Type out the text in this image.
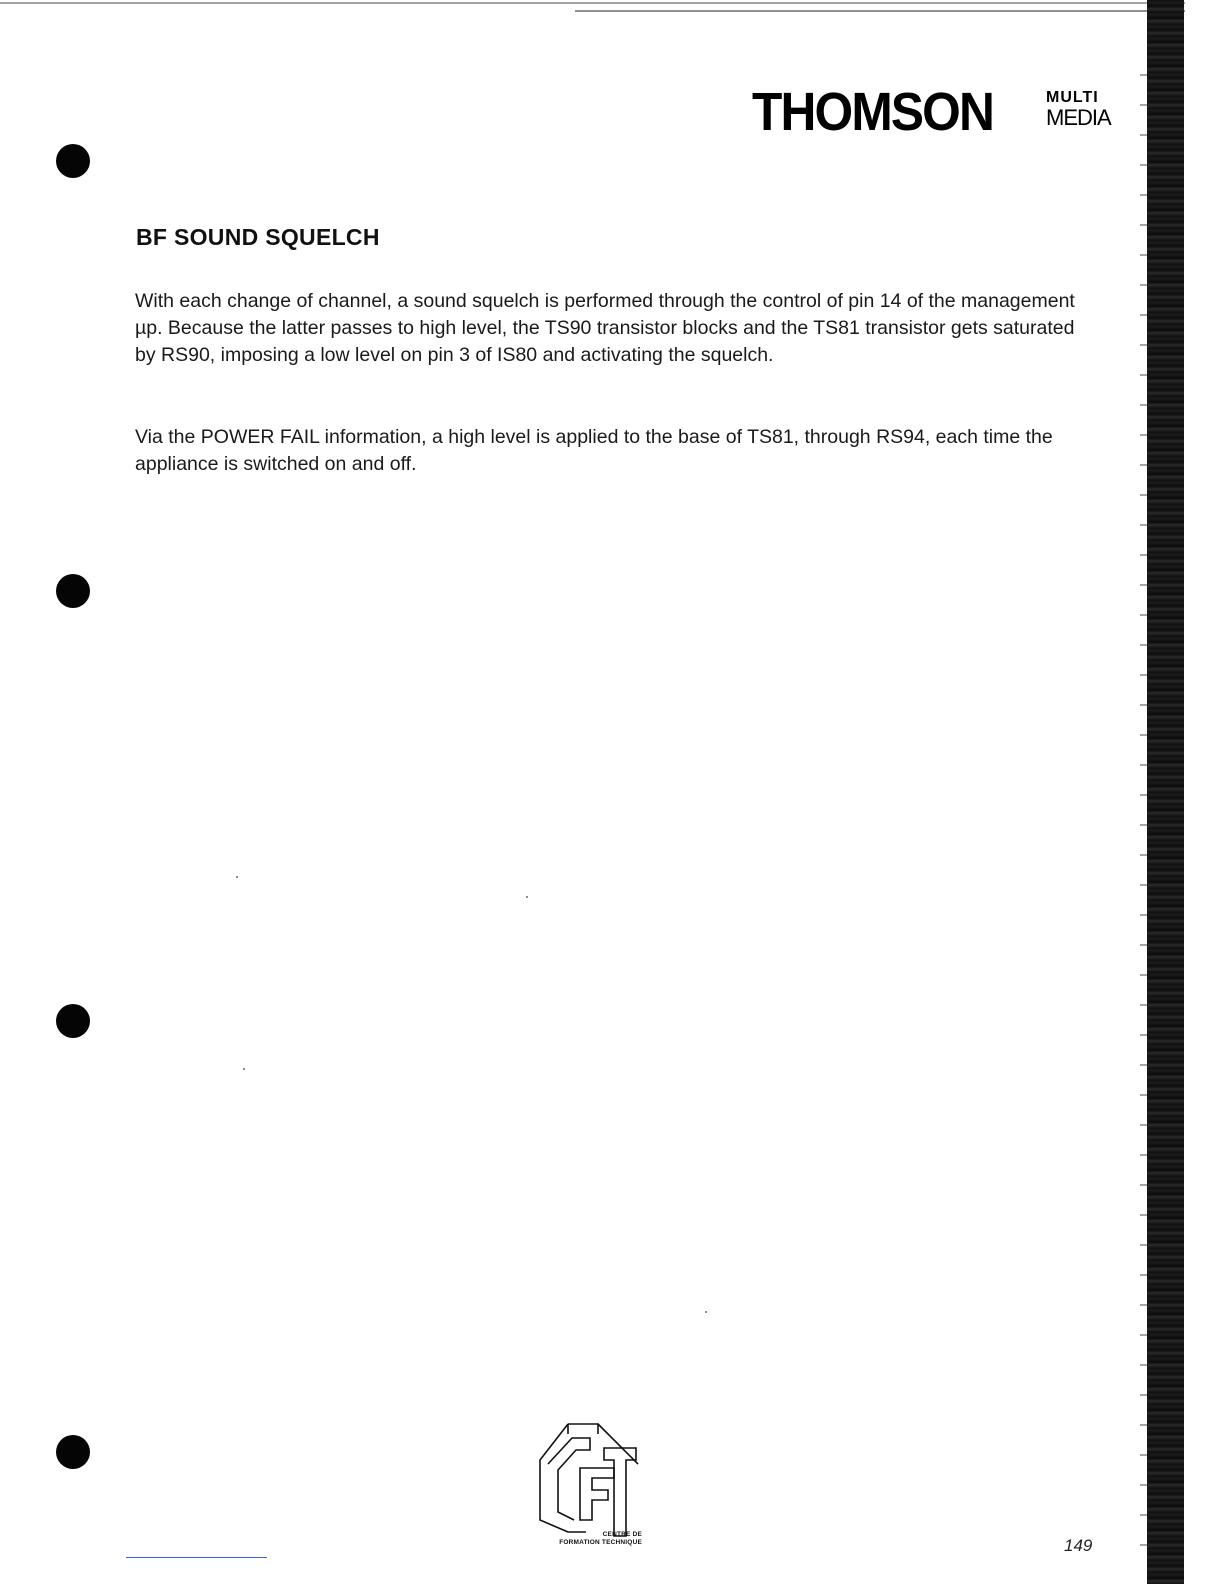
THOMSON	MULTI
MEDIA
BF SOUND SQUELCH
With each change of channel, a sound squelch is performed through the control of pin 14 of the management µp. Because the latter passes to high level, the TS90 transistor blocks and the TS81 transistor gets saturated by RS90, imposing a low level on pin 3 of IS80 and activating the squelch.
Via the POWER FAIL information, a high level is applied to the base of TS81, through RS94, each time the appliance is switched on and off.
CENTRE DE
FORMATION TECHNIQUE	149
